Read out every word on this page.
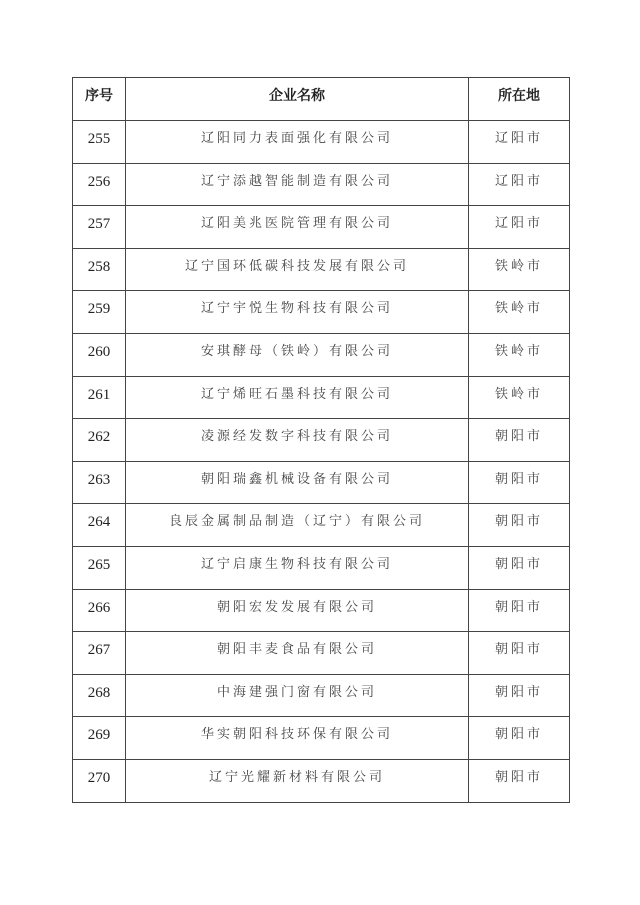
序号	企业名称	所在地
255	辽阳同力表面强化有限公司	辽阳市
256	辽宁添越智能制造有限公司	辽阳市
257	辽阳美兆医院管理有限公司	辽阳市
258	辽宁国环低碳科技发展有限公司	铁岭市
259	辽宁宇悦生物科技有限公司	铁岭市
260	安琪酵母（铁岭）有限公司	铁岭市
261	辽宁烯旺石墨科技有限公司	铁岭市
262	凌源经发数字科技有限公司	朝阳市
263	朝阳瑞鑫机械设备有限公司	朝阳市
264	良辰金属制品制造（辽宁）有限公司	朝阳市
265	辽宁启康生物科技有限公司	朝阳市
266	朝阳宏发发展有限公司	朝阳市
267	朝阳丰麦食品有限公司	朝阳市
268	中海建强门窗有限公司	朝阳市
269	华实朝阳科技环保有限公司	朝阳市
270	辽宁光耀新材料有限公司	朝阳市
